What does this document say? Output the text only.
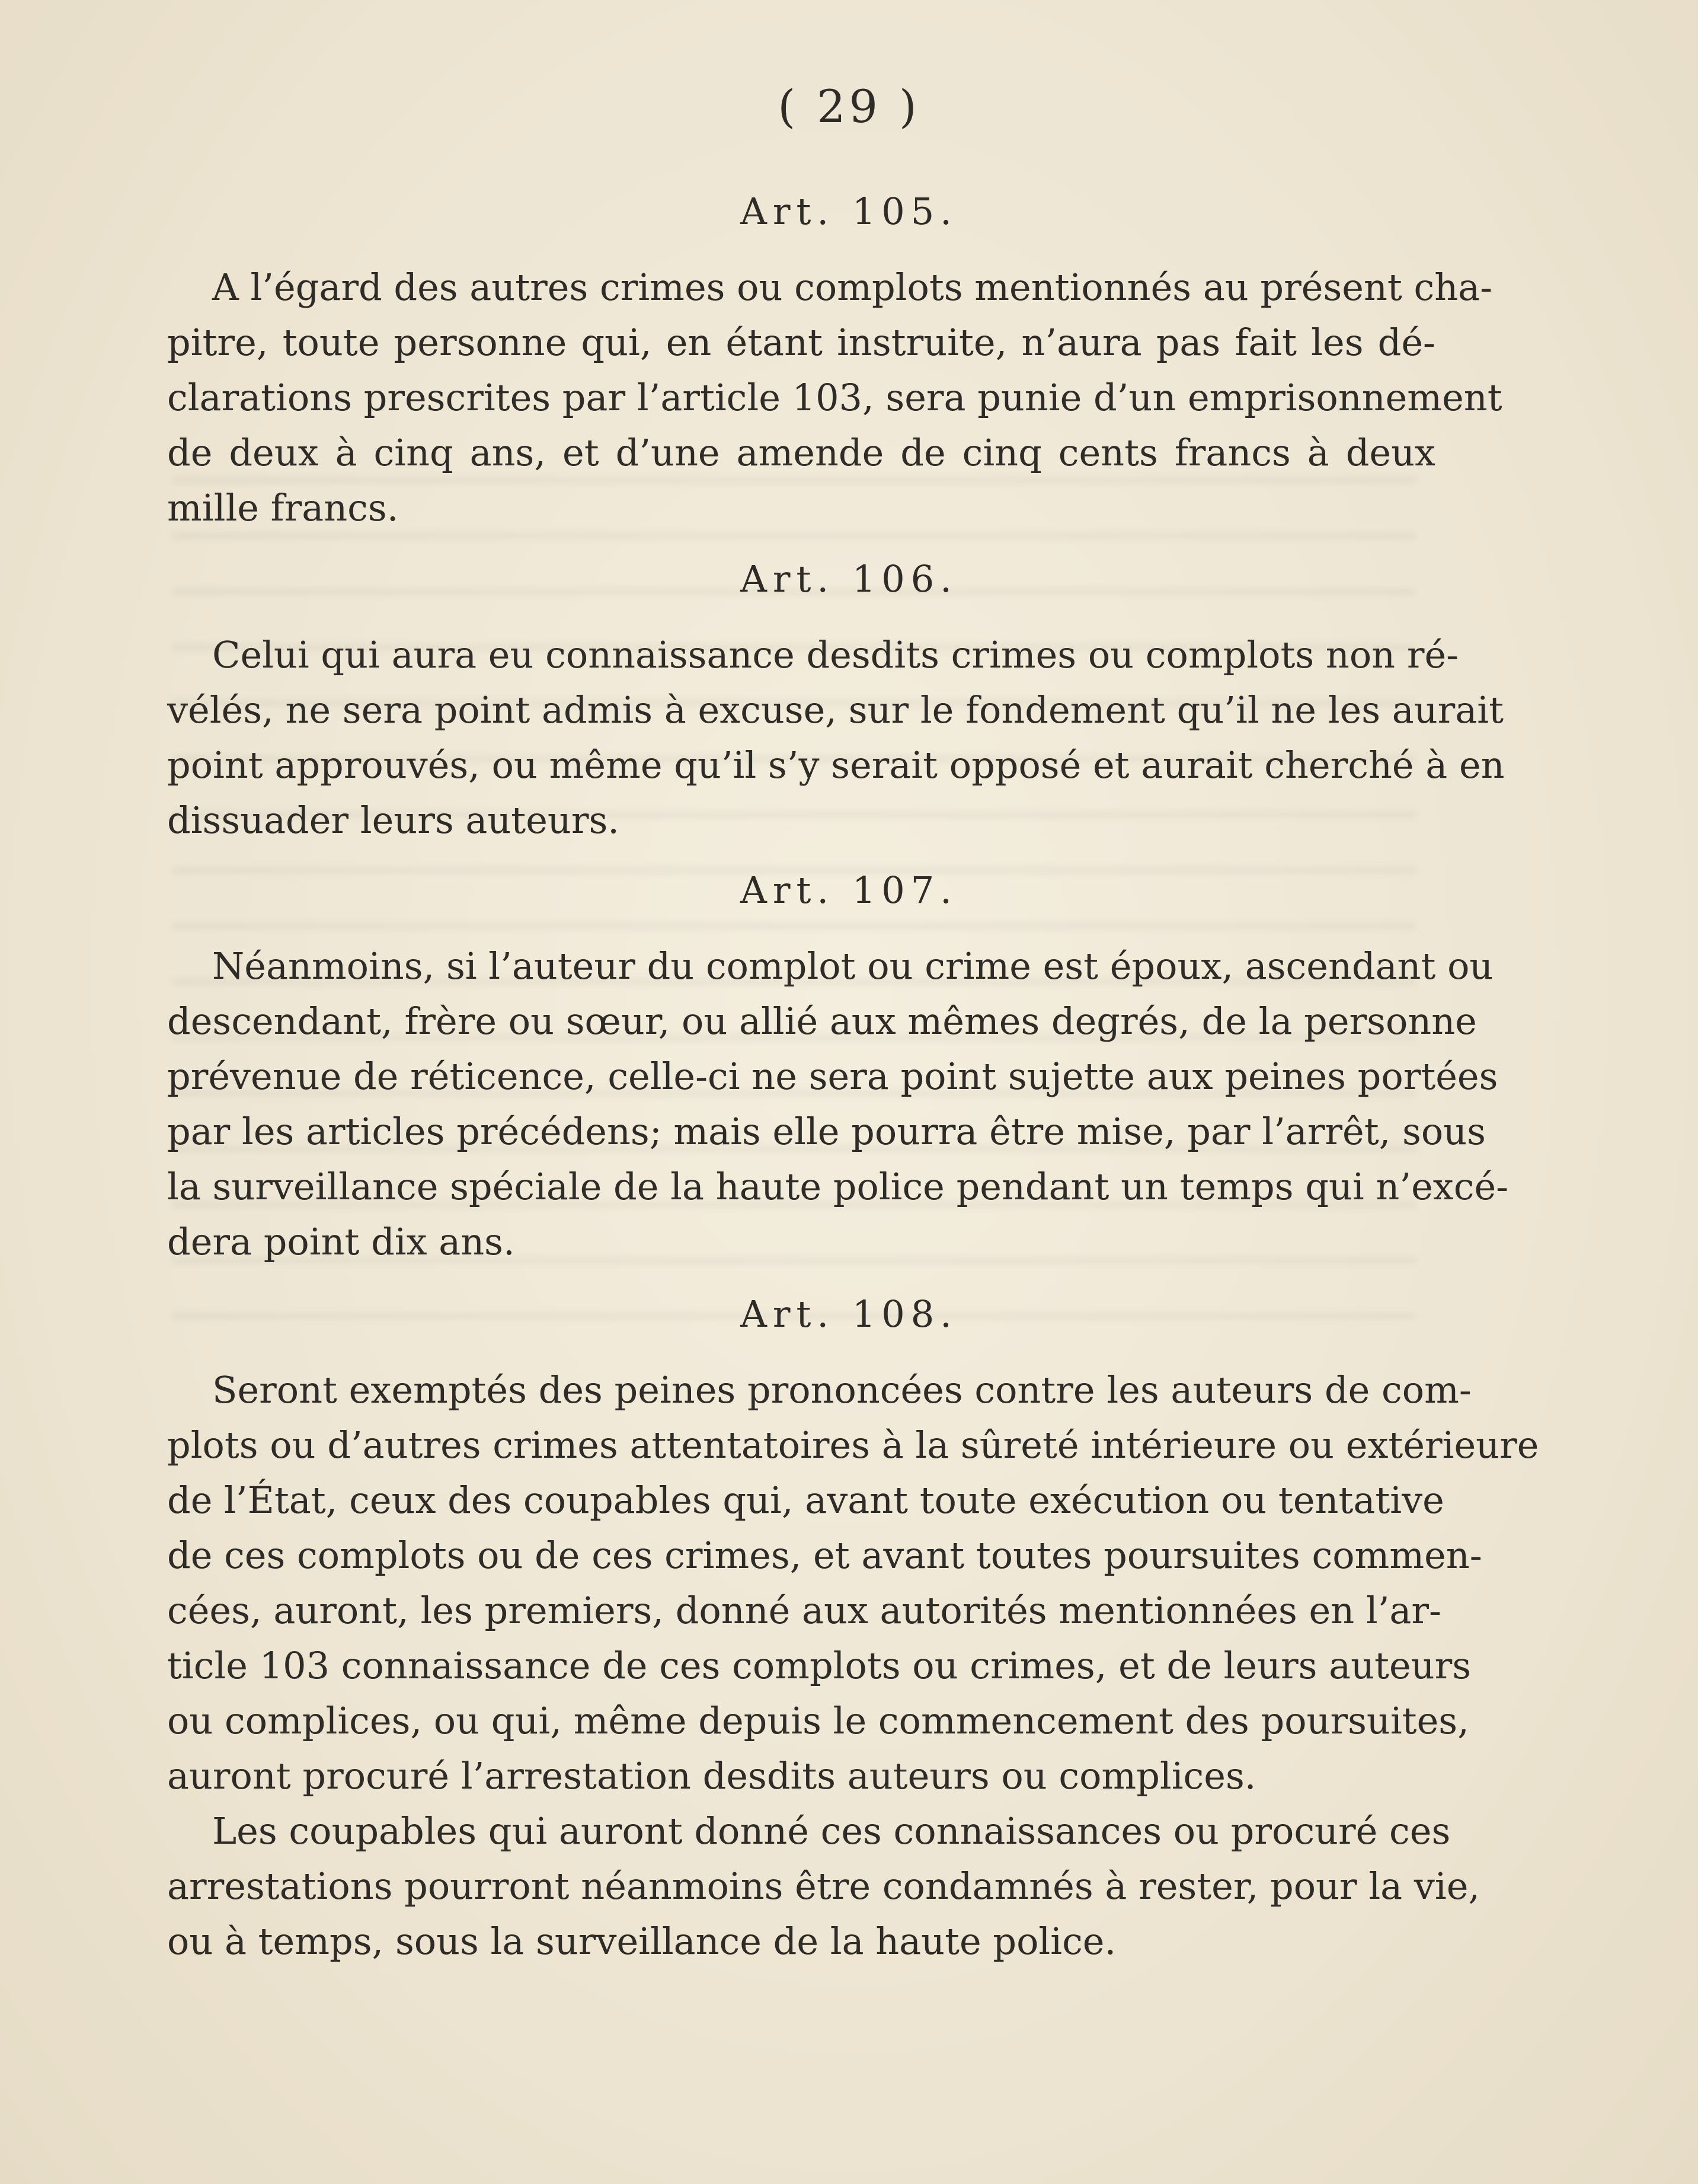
( 29 )
Art. 105.
A l’égard des autres crimes ou complots mentionnés au présent cha-
pitre, toute personne qui, en étant instruite, n’aura pas fait les dé-
clarations prescrites par l’article 103, sera punie d’un emprisonnement
de deux à cinq ans, et d’une amende de cinq cents francs à deux
mille francs.
Art. 106.
Celui qui aura eu connaissance desdits crimes ou complots non ré-
vélés, ne sera point admis à excuse, sur le fondement qu’il ne les aurait
point approuvés, ou même qu’il s’y serait opposé et aurait cherché à en
dissuader leurs auteurs.
Art. 107.
Néanmoins, si l’auteur du complot ou crime est époux, ascendant ou
descendant, frère ou sœur, ou allié aux mêmes degrés, de la personne
prévenue de réticence, celle-ci ne sera point sujette aux peines portées
par les articles précédens; mais elle pourra être mise, par l’arrêt, sous
la surveillance spéciale de la haute police pendant un temps qui n’excé-
dera point dix ans.
Art. 108.
Seront exemptés des peines prononcées contre les auteurs de com-
plots ou d’autres crimes attentatoires à la sûreté intérieure ou extérieure
de l’État, ceux des coupables qui, avant toute exécution ou tentative
de ces complots ou de ces crimes, et avant toutes poursuites commen-
cées, auront, les premiers, donné aux autorités mentionnées en l’ar-
ticle 103 connaissance de ces complots ou crimes, et de leurs auteurs
ou complices, ou qui, même depuis le commencement des poursuites,
auront procuré l’arrestation desdits auteurs ou complices.
Les coupables qui auront donné ces connaissances ou procuré ces
arrestations pourront néanmoins être condamnés à rester, pour la vie,
ou à temps, sous la surveillance de la haute police.
